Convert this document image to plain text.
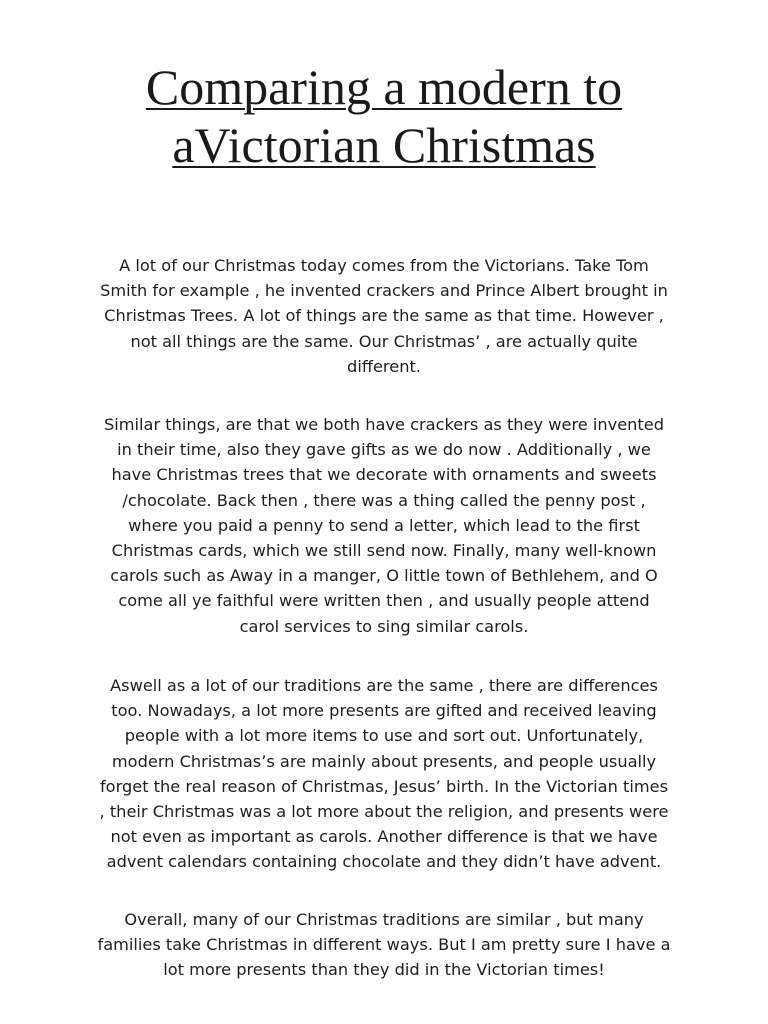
Comparing a modern to
aVictorian Christmas

A lot of our Christmas today comes from the Victorians. Take Tom
Smith for example , he invented crackers and Prince Albert brought in
Christmas Trees. A lot of things are the same as that time. However ,
not all things are the same. Our Christmas’ , are actually quite
different.

Similar things, are that we both have crackers as they were invented
in their time, also they gave gifts as we do now . Additionally , we
have Christmas trees that we decorate with ornaments and sweets
/chocolate. Back then , there was a thing called the penny post ,
where you paid a penny to send a letter, which lead to the first
Christmas cards, which we still send now. Finally, many well-known
carols such as Away in a manger, O little town of Bethlehem, and O
come all ye faithful were written then , and usually people attend
carol services to sing similar carols.

Aswell as a lot of our traditions are the same , there are differences
too. Nowadays, a lot more presents are gifted and received leaving
people with a lot more items to use and sort out. Unfortunately,
modern Christmas’s are mainly about presents, and people usually
forget the real reason of Christmas, Jesus’ birth. In the Victorian times
, their Christmas was a lot more about the religion, and presents were
not even as important as carols. Another difference is that we have
advent calendars containing chocolate and they didn’t have advent.

Overall, many of our Christmas traditions are similar , but many
families take Christmas in different ways. But I am pretty sure I have a
lot more presents than they did in the Victorian times!
